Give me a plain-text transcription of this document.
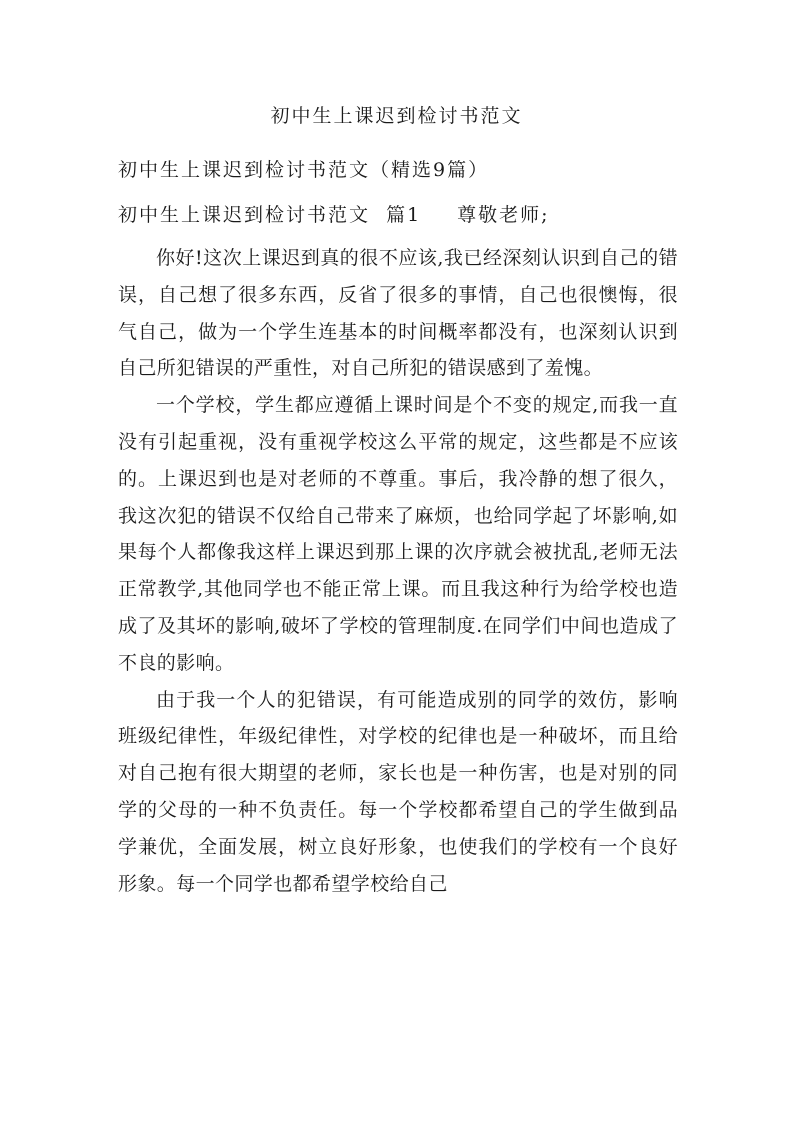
初中生上课迟到检讨书范文
初中生上课迟到检讨书范文（精选9篇）
初中生上课迟到检讨书范文  篇1 尊敬老师;

你好!这次上课迟到真的很不应该,我已经深刻认识到自己的错误，自己想了很多东西，反省了很多的事情，自己也很懊悔，很气自己，做为一个学生连基本的时间概率都没有，也深刻认识到自己所犯错误的严重性，对自己所犯的错误感到了羞愧。

一个学校，学生都应遵循上课时间是个不变的规定,而我一直没有引起重视，没有重视学校这么平常的规定，这些都是不应该的。上课迟到也是对老师的不尊重。事后，我冷静的想了很久，我这次犯的错误不仅给自己带来了麻烦，也给同学起了坏影响,如果每个人都像我这样上课迟到那上课的次序就会被扰乱,老师无法正常教学,其他同学也不能正常上课。而且我这种行为给学校也造成了及其坏的影响,破坏了学校的管理制度.在同学们中间也造成了不良的影响。

由于我一个人的犯错误，有可能造成别的同学的效仿，影响班级纪律性，年级纪律性，对学校的纪律也是一种破坏，而且给对自己抱有很大期望的老师，家长也是一种伤害，也是对别的同学的父母的一种不负责任。每一个学校都希望自己的学生做到品学兼优，全面发展，树立良好形象，也使我们的学校有一个良好形象。每一个同学也都希望学校给自己
